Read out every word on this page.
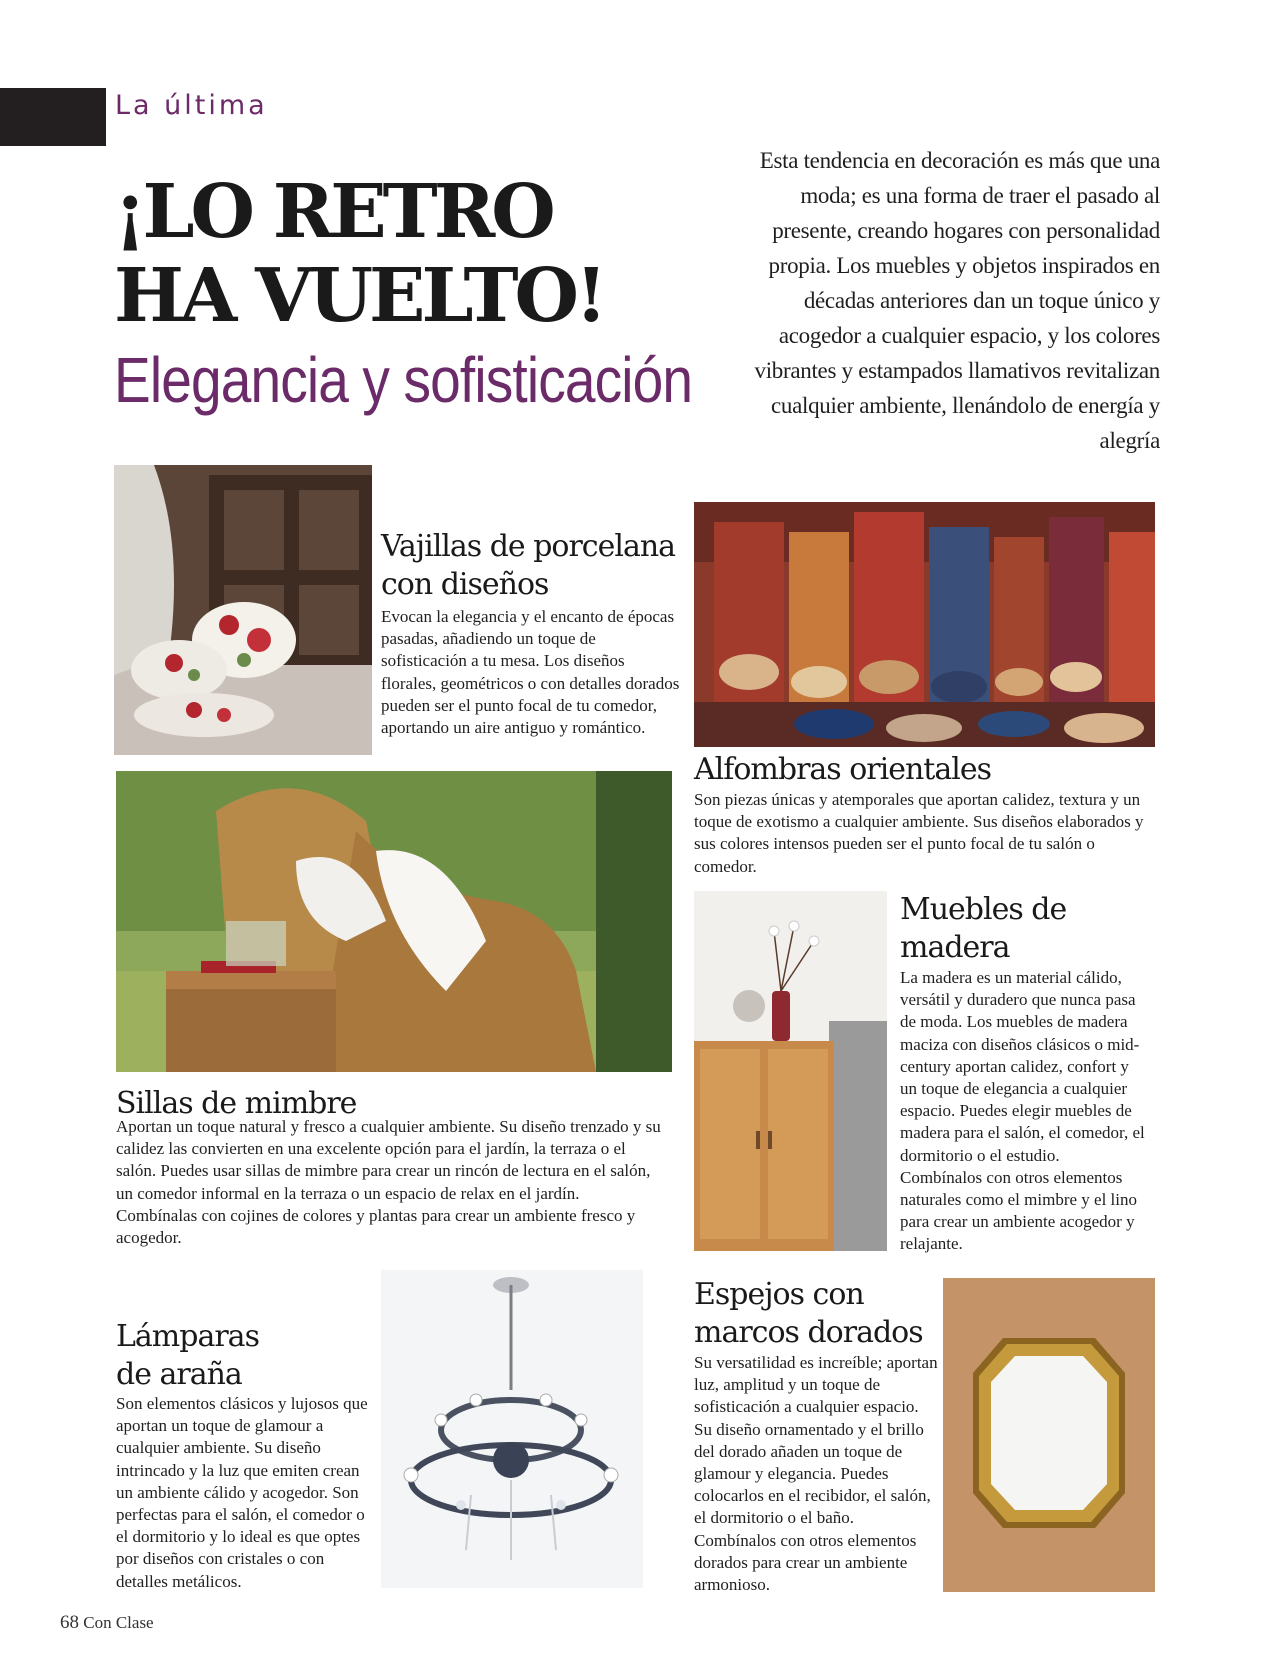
La última
¡LO RETRO
HA VUELTO!
Elegancia y sofisticación
Esta tendencia en decoración es más que una moda; es una forma de traer el pasado al presente, creando hogares con personalidad propia. Los muebles y objetos inspirados en décadas anteriores dan un toque único y acogedor a cualquier espacio, y los colores vibrantes y estampados llamativos revitalizan cualquier ambiente, llenándolo de energía y alegría
Vajillas de porcelana
con diseños
Evocan la elegancia y el encanto de épocas pasadas, añadiendo un toque de sofisticación a tu mesa. Los diseños florales, geométricos o con detalles dorados pueden ser el punto focal de tu comedor, aportando un aire antiguo y romántico.
Alfombras orientales
Son piezas únicas y atemporales que aportan calidez, textura y un toque de exotismo a cualquier ambiente. Sus diseños elaborados y sus colores intensos pueden ser el punto focal de tu salón o comedor.
Sillas de mimbre
Aportan un toque natural y fresco a cualquier ambiente. Su diseño trenzado y su calidez las convierten en una excelente opción para el jardín, la terraza o el salón. Puedes usar sillas de mimbre para crear un rincón de lectura en el salón, un comedor informal en la terraza o un espacio de relax en el jardín. Combínalas con cojines de colores y plantas para crear un ambiente fresco y acogedor.
Muebles de
madera
La madera es un material cálido, versátil y duradero que nunca pasa de moda. Los muebles de madera maciza con diseños clásicos o mid-century aportan calidez, confort y un toque de elegancia a cualquier espacio. Puedes elegir muebles de madera para el salón, el comedor, el dormitorio o el estudio. Combínalos con otros elementos naturales como el mimbre y el lino para crear un ambiente acogedor y relajante.
Lámparas
de araña
Son elementos clásicos y lujosos que aportan un toque de glamour a cualquier ambiente. Su diseño intrincado y la luz que emiten crean un ambiente cálido y acogedor. Son perfectas para el salón, el comedor o el dormitorio y lo ideal es que optes por diseños con cristales o con detalles metálicos.
Espejos con
marcos dorados
Su versatilidad es increíble; aportan luz, amplitud y un toque de sofisticación a cualquier espacio. Su diseño ornamentado y el brillo del dorado añaden un toque de glamour y elegancia. Puedes colocarlos en el recibidor, el salón, el dormitorio o el baño. Combínalos con otros elementos dorados para crear un ambiente armonioso.
68 Con Clase
